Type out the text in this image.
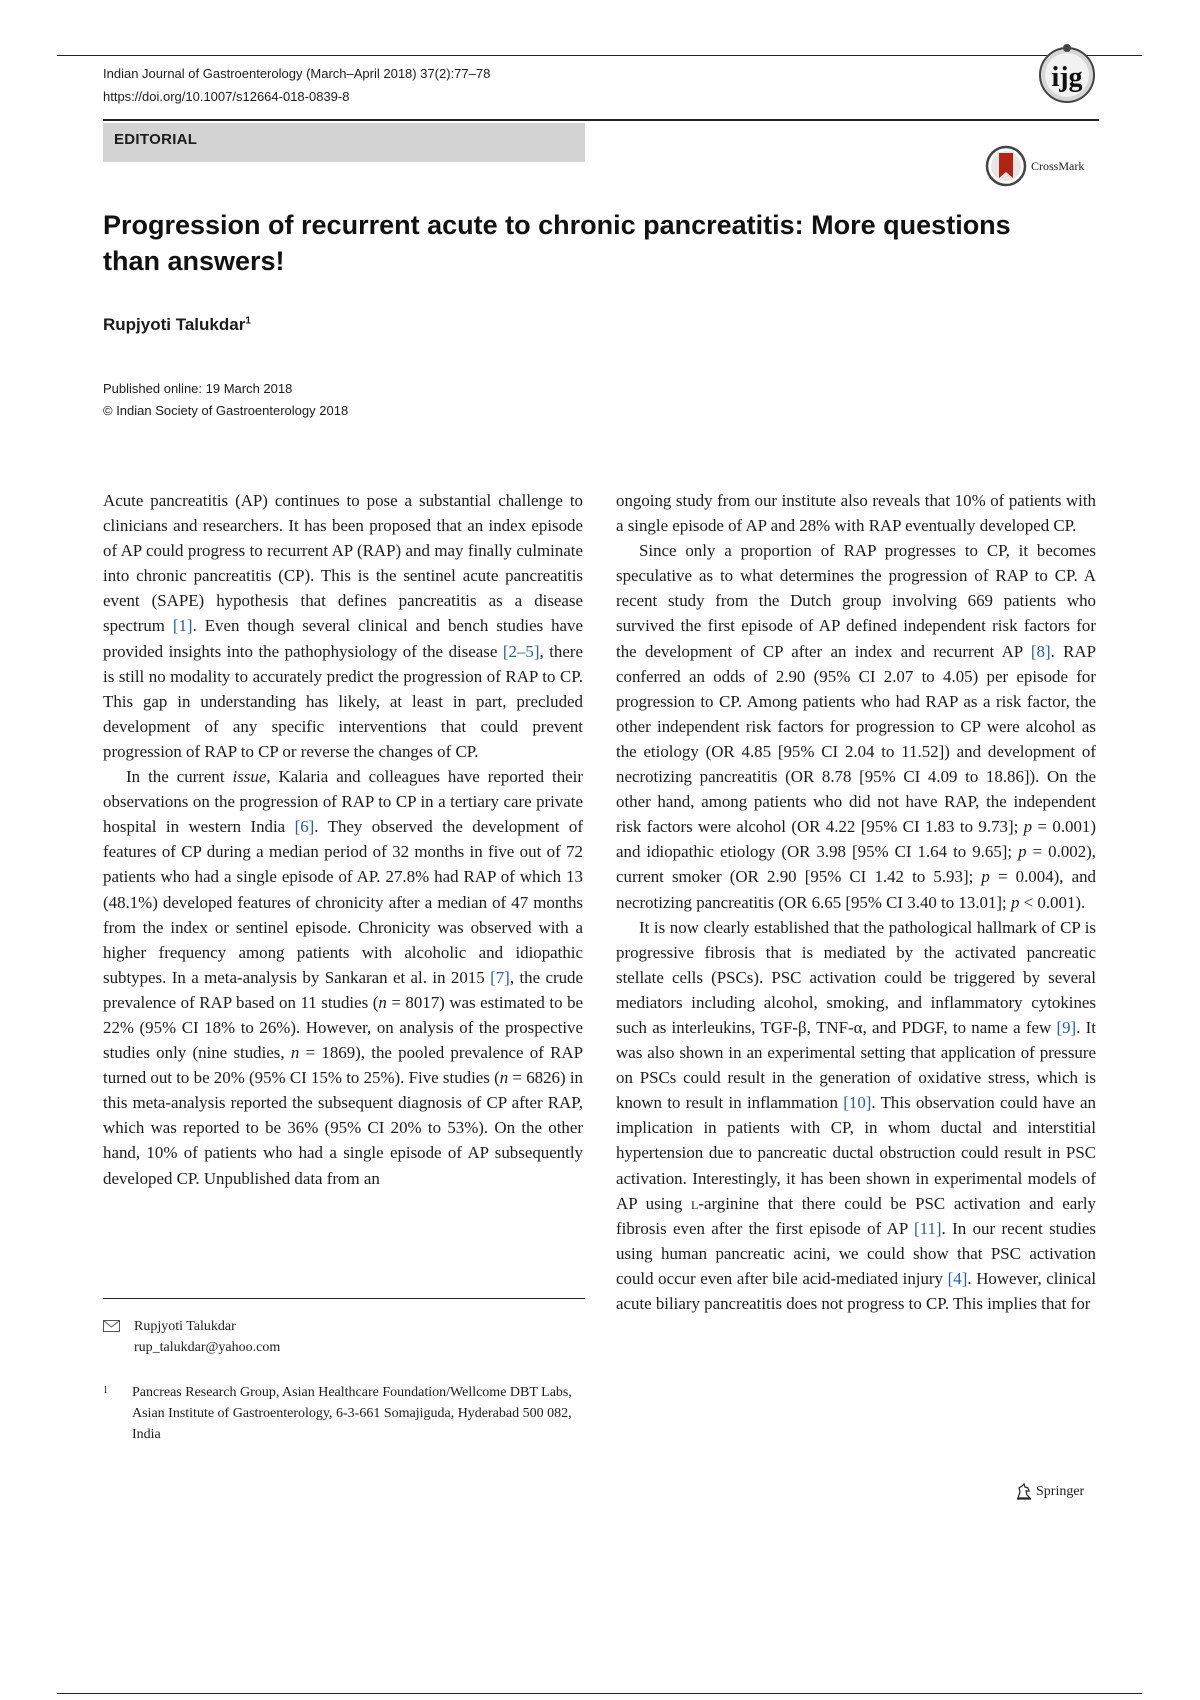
Indian Journal of Gastroenterology (March–April 2018) 37(2):77–78
https://doi.org/10.1007/s12664-018-0839-8
ijg
EDITORIAL
CrossMark
Progression of recurrent acute to chronic pancreatitis: More questions than answers!
Rupjyoti Talukdar$^1$
Published online: 19 March 2018
© Indian Society of Gastroenterology 2018

Acute pancreatitis (AP) continues to pose a substantial challenge to clinicians and researchers. It has been proposed that an index episode of AP could progress to recurrent AP (RAP) and may finally culminate into chronic pancreatitis (CP). This is the sentinel acute pancreatitis event (SAPE) hypothesis that defines pancreatitis as a disease spectrum [1]. Even though several clinical and bench studies have provided insights into the pathophysiology of the disease [2–5], there is still no modality to accurately predict the progression of RAP to CP. This gap in understanding has likely, at least in part, precluded development of any specific interventions that could prevent progression of RAP to CP or reverse the changes of CP.

In the current issue, Kalaria and colleagues have reported their observations on the progression of RAP to CP in a tertiary care private hospital in western India [6]. They observed the development of features of CP during a median period of 32 months in five out of 72 patients who had a single episode of AP. 27.8% had RAP of which 13 (48.1%) developed features of chronicity after a median of 47 months from the index or sentinel episode. Chronicity was observed with a higher frequency among patients with alcoholic and idiopathic subtypes. In a meta-analysis by Sankaran et al. in 2015 [7], the crude prevalence of RAP based on 11 studies (n = 8017) was estimated to be 22% (95% CI 18% to 26%). However, on analysis of the prospective studies only (nine studies, n = 1869), the pooled prevalence of RAP turned out to be 20% (95% CI 15% to 25%). Five studies (n = 6826) in this meta-analysis reported the subsequent diagnosis of CP after RAP, which was reported to be 36% (95% CI 20% to 53%). On the other hand, 10% of patients who had a single episode of AP subsequently developed CP. Unpublished data from an

ongoing study from our institute also reveals that 10% of patients with a single episode of AP and 28% with RAP eventually developed CP.

Since only a proportion of RAP progresses to CP, it becomes speculative as to what determines the progression of RAP to CP. A recent study from the Dutch group involving 669 patients who survived the first episode of AP defined independent risk factors for the development of CP after an index and recurrent AP [8]. RAP conferred an odds of 2.90 (95% CI 2.07 to 4.05) per episode for progression to CP. Among patients who had RAP as a risk factor, the other independent risk factors for progression to CP were alcohol as the etiology (OR 4.85 [95% CI 2.04 to 11.52]) and development of necrotizing pancreatitis (OR 8.78 [95% CI 4.09 to 18.86]). On the other hand, among patients who did not have RAP, the independent risk factors were alcohol (OR 4.22 [95% CI 1.83 to 9.73]; p = 0.001) and idiopathic etiology (OR 3.98 [95% CI 1.64 to 9.65]; p = 0.002), current smoker (OR 2.90 [95% CI 1.42 to 5.93]; p = 0.004), and necrotizing pancreatitis (OR 6.65 [95% CI 3.40 to 13.01]; p < 0.001).

It is now clearly established that the pathological hallmark of CP is progressive fibrosis that is mediated by the activated pancreatic stellate cells (PSCs). PSC activation could be triggered by several mediators including alcohol, smoking, and inflammatory cytokines such as interleukins, TGF-β, TNF-α, and PDGF, to name a few [9]. It was also shown in an experimental setting that application of pressure on PSCs could result in the generation of oxidative stress, which is known to result in inflammation [10]. This observation could have an implication in patients with CP, in whom ductal and interstitial hypertension due to pancreatic ductal obstruction could result in PSC activation. Interestingly, it has been shown in experimental models of AP using l-arginine that there could be PSC activation and early fibrosis even after the first episode of AP [11]. In our recent studies using human pancreatic acini, we could show that PSC activation could occur even after bile acid-mediated injury [4]. However, clinical acute biliary pancreatitis does not progress to CP. This implies that for

Rupjyoti Talukdar
rup_talukdar@yahoo.com
1	Pancreas Research Group, Asian Healthcare Foundation/Wellcome DBT Labs, Asian Institute of Gastroenterology, 6-3-661 Somajiguda, Hyderabad 500 082, India
Springer
